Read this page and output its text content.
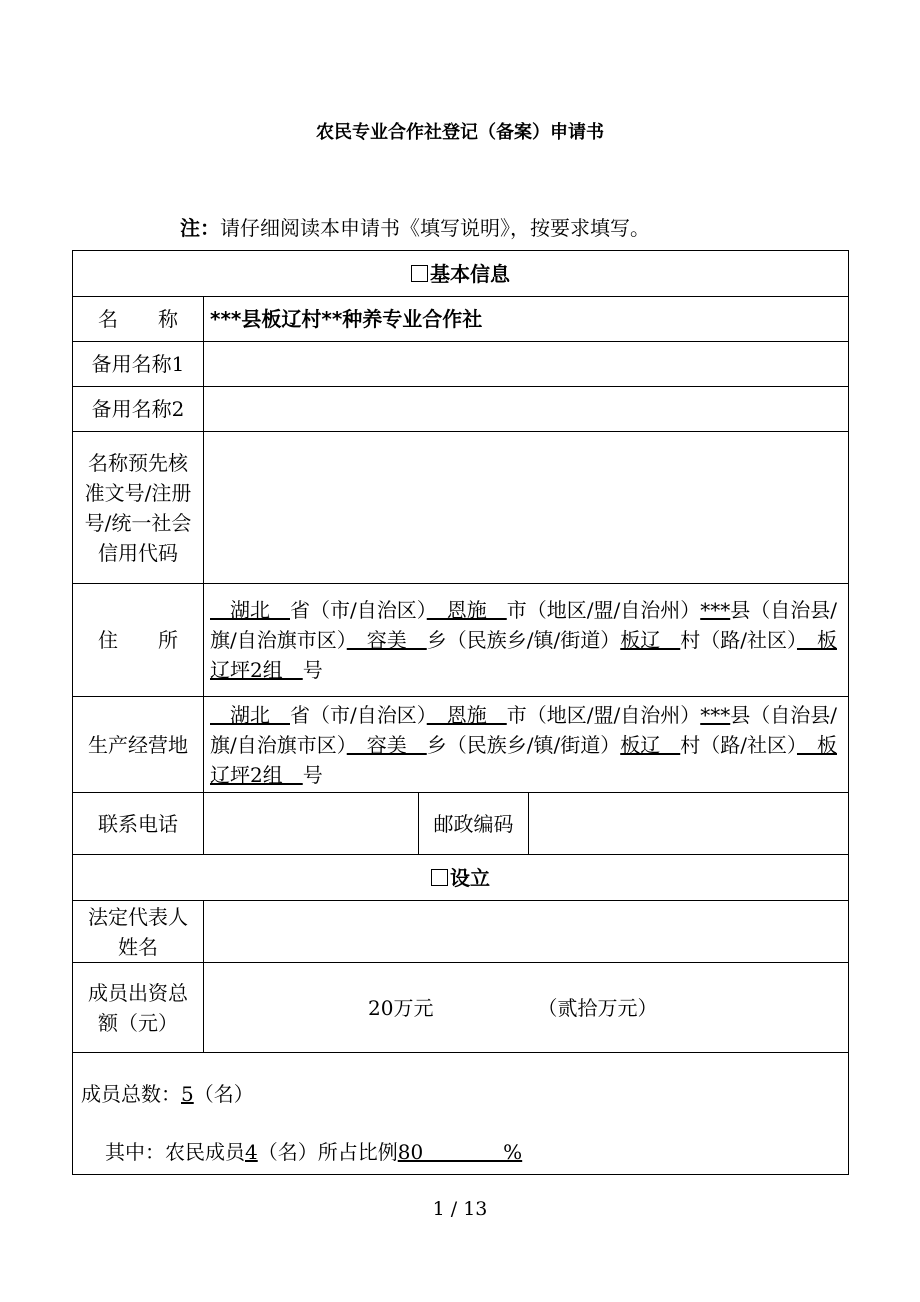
农民专业合作社登记（备案）申请书
注：请仔细阅读本申请书《填写说明》，按要求填写。
基本信息			
名　　称	***县板辽村**种养专业合作社		
备用名称1			
备用名称2			
名称预先核准文号/注册号/统一社会信用代码			
住　　所	　湖北　省（市/自治区）　恩施　市（地区/盟/自治州）***县（自治县/旗/自治旗市区）　容美　乡（民族乡/镇/街道）板辽　村（路/社区）　板辽坪2组　号		
生产经营地	　湖北　省（市/自治区）　恩施　市（地区/盟/自治州）***县（自治县/旗/自治旗市区）　容美　乡（民族乡/镇/街道）板辽　村（路/社区）　板辽坪2组　号		
联系电话		邮政编码	
设立			
法定代表人姓名			
成员出资总额（元）	20万元 （贰拾万元）		

成员总数：5（名）
其中：农民成员4（名）所占比例80　　　　%			
1 / 13
